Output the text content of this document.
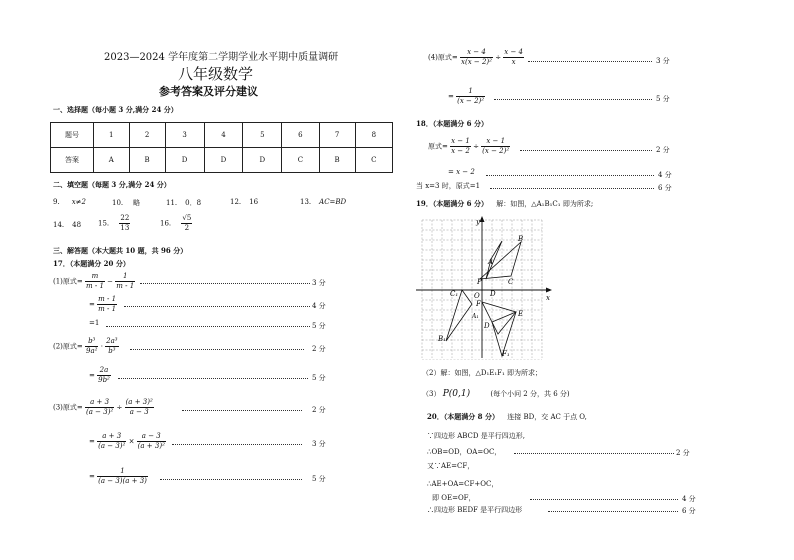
2023—2024 学年度第二学期学业水平期中质量调研
八年级数学
参考答案及评分建议
一、选择题（每小题 3 分,满分 24 分）
题号	1	2	3	4	5	6	7	8
答案	A	B	D	D	D	C	B	C
二、填空题（每题 3 分,满分 24 分）
9. x≠2	10. 略	11. 0．8	12. 16	13. AC=BD
14. 48 15. $\frac{22}{13}$	16. $\frac{√5}{2}$
三、解答题（本大题共 10 题，共 96 分）
17．（本题满分 20 分）
(1)原式= $\frac{m}{m - 1} - \frac{1}{m - 1}$	3 分
= $\frac{m - 1}{m - 1}$	4 分
=1	5 分
(2)原式= $\frac{\text{b³}}{\text{9a²}} \cdot \frac{\text{2a³}}{\text{b³}}$	2 分
= $\frac{2a}{\text{9b²}}$	5 分
(3)原式= $\frac{a + 3}{\text{(a − 3)²}} \div \frac{\text{(a + 3)²}}{a - 3}$	2 分
= $\frac{a + 3}{\text{(a − 3)²}} \times \frac{a - 3}{\text{(a + 3)²}}$	3 分
= $\frac{1}{(a - 3)(a + 3)}$	5 分
(4)原式= $\frac{x - 4}{\text{x(x − 2)²}} \div \frac{x - 4}{x}$	3 分
= $\frac{1}{\text{(x − 2)²}}$	5 分
18．（本题满分 6 分）
原式= $\frac{x - 1}{x - 2} \div \frac{x - 1}{\text{(x − 2)²}}$	2 分
= x − 2	4 分
当 x=3 时，原式=1	6 分
19．（本题满分 6 分） 解：如图，△A₁B₁C₁ 即为所求;
y
x
O
A
B
P	C
C₁
A₁
B₁
D
E
F
D
F₁
（2）解：如图，△D₁E₁F₁ 即为所求；
（3） P(0,1)	(每个小问 2 分，共 6 分)
20．（本题满分 8 分） 连接 BD，交 AC 于点 O,
∵四边形 ABCD 是平行四边形,
∴OB=OD，OA=OC，	2 分
又∵AE=CF，
∴AE+OA=CF+OC，
即 OE=OF，	4 分
∴四边形 BEDF 是平行四边形	6 分
